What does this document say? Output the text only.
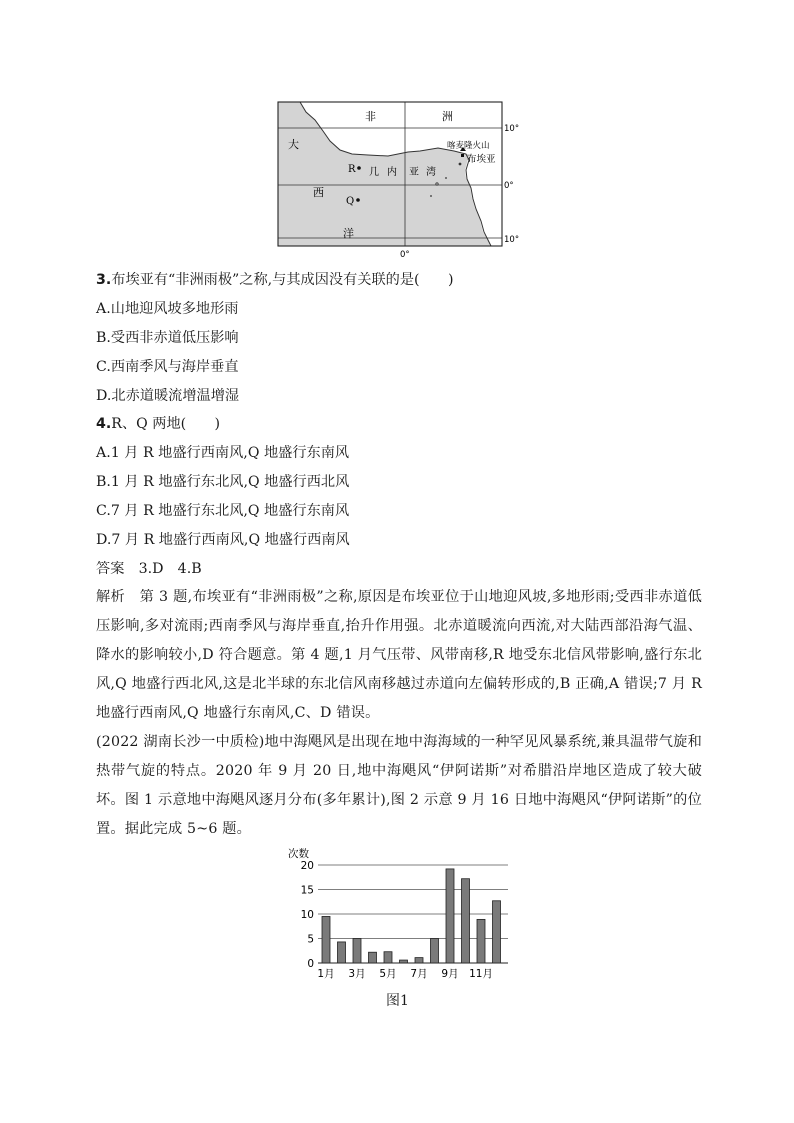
非	洲
大
西
洋
几 内 亚 湾
喀麦隆火山
布埃亚
R
Q
10°
0°
10°
0°
3.布埃亚有“非洲雨极”之称,与其成因没有关联的是(　　)
A.山地迎风坡多地形雨
B.受西非赤道低压影响
C.西南季风与海岸垂直
D.北赤道暖流增温增湿
4.R、Q 两地(　　)
A.1 月 R 地盛行西南风,Q 地盛行东南风
B.1 月 R 地盛行东北风,Q 地盛行西北风
C.7 月 R 地盛行东北风,Q 地盛行东南风
D.7 月 R 地盛行西南风,Q 地盛行西南风
答案　3.D　4.B
解析　第 3 题,布埃亚有“非洲雨极”之称,原因是布埃亚位于山地迎风坡,多地形雨;受西非赤道低压影响,多对流雨;西南季风与海岸垂直,抬升作用强。北赤道暖流向西流,对大陆西部沿海气温、降水的影响较小,D 符合题意。第 4 题,1 月气压带、风带南移,R 地受东北信风带影响,盛行东北风,Q 地盛行西北风,这是北半球的东北信风南移越过赤道向左偏转形成的,B 正确,A 错误;7 月 R 地盛行西南风,Q 地盛行东南风,C、D 错误。
(2022 湖南长沙一中质检)地中海飓风是出现在地中海海域的一种罕见风暴系统,兼具温带气旋和热带气旋的特点。2020 年 9 月 20 日,地中海飓风“伊阿诺斯”对希腊沿岸地区造成了较大破坏。图 1 示意地中海飓风逐月分布(多年累计),图 2 示意 9 月 16 日地中海飓风“伊阿诺斯”的位置。据此完成 5~6 题。
次数
0
5
10
15
20
1月 3月 5月 7月 9月 11月
图1
